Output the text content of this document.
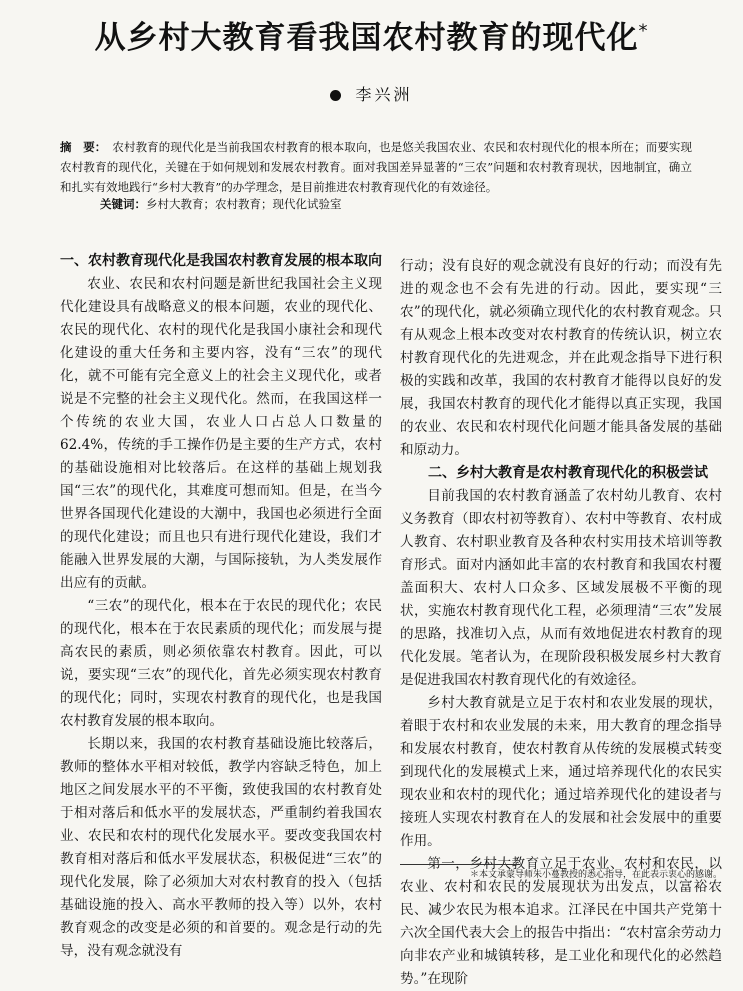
从乡村大教育看我国农村教育的现代化*
李兴洲
摘　要： 农村教育的现代化是当前我国农村教育的根本取向，也是悠关我国农业、农民和农村现代化的根本所在；而要实现农村教育的现代化，关键在于如何规划和发展农村教育。面对我国差异显著的“三农”问题和农村教育现状，因地制宜，确立和扎实有效地践行“乡村大教育”的办学理念，是目前推进农村教育现代化的有效途径。
关键词：乡村大教育；农村教育；现代化试验室
一、农村教育现代化是我国农村教育发展的根本取向

农业、农民和农村问题是新世纪我国社会主义现代化建设具有战略意义的根本问题，农业的现代化、农民的现代化、农村的现代化是我国小康社会和现代化建设的重大任务和主要内容，没有“三农”的现代化，就不可能有完全意义上的社会主义现代化，或者说是不完整的社会主义现代化。然而，在我国这样一个传统的农业大国，农业人口占总人口数量的62.4%，传统的手工操作仍是主要的生产方式，农村的基础设施相对比较落后。在这样的基础上规划我国“三农”的现代化，其难度可想而知。但是，在当今世界各国现代化建设的大潮中，我国也必须进行全面的现代化建设；而且也只有进行现代化建设，我们才能融入世界发展的大潮，与国际接轨，为人类发展作出应有的贡献。

“三农”的现代化，根本在于农民的现代化；农民的现代化，根本在于农民素质的现代化；而发展与提高农民的素质，则必须依靠农村教育。因此，可以说，要实现“三农”的现代化，首先必须实现农村教育的现代化；同时，实现农村教育的现代化，也是我国农村教育发展的根本取向。

长期以来，我国的农村教育基础设施比较落后，教师的整体水平相对较低，教学内容缺乏特色，加上地区之间发展水平的不平衡，致使我国的农村教育处于相对落后和低水平的发展状态，严重制约着我国农业、农民和农村的现代化发展水平。要改变我国农村教育相对落后和低水平发展状态，积极促进“三农”的现代化发展，除了必须加大对农村教育的投入（包括基础设施的投入、高水平教师的投入等）以外，农村教育观念的改变是必须的和首要的。观念是行动的先导，没有观念就没有

行动；没有良好的观念就没有良好的行动；而没有先进的观念也不会有先进的行动。因此，要实现“三农”的现代化，就必须确立现代化的农村教育观念。只有从观念上根本改变对农村教育的传统认识，树立农村教育现代化的先进观念，并在此观念指导下进行积极的实践和改革，我国的农村教育才能得以良好的发展，我国农村教育的现代化才能得以真正实现，我国的农业、农民和农村现代化问题才能具备发展的基础和原动力。

二、乡村大教育是农村教育现代化的积极尝试

目前我国的农村教育涵盖了农村幼儿教育、农村义务教育（即农村初等教育）、农村中等教育、农村成人教育、农村职业教育及各种农村实用技术培训等教育形式。面对内涵如此丰富的农村教育和我国农村覆盖面积大、农村人口众多、区域发展极不平衡的现状，实施农村教育现代化工程，必须理清“三农”发展的思路，找准切入点，从而有效地促进农村教育的现代化发展。笔者认为，在现阶段积极发展乡村大教育是促进我国农村教育现代化的有效途径。

乡村大教育就是立足于农村和农业发展的现状，着眼于农村和农业发展的未来，用大教育的理念指导和发展农村教育，使农村教育从传统的发展模式转变到现代化的发展模式上来，通过培养现代化的农民实现农业和农村的现代化；通过培养现代化的建设者与接班人实现农村教育在人的发展和社会发展中的重要作用。

第一，乡村大教育立足于农业、农村和农民，以农业、农村和农民的发展现状为出发点，以富裕农民、减少农民为根本追求。江泽民在中国共产党第十六次全国代表大会上的报告中指出：“农村富余劳动力向非农产业和城镇转移，是工业化和现代化的必然趋势。”在现阶

＊本文承蒙导师朱小蔓教授的悉心指导，在此表示衷心的感谢。
